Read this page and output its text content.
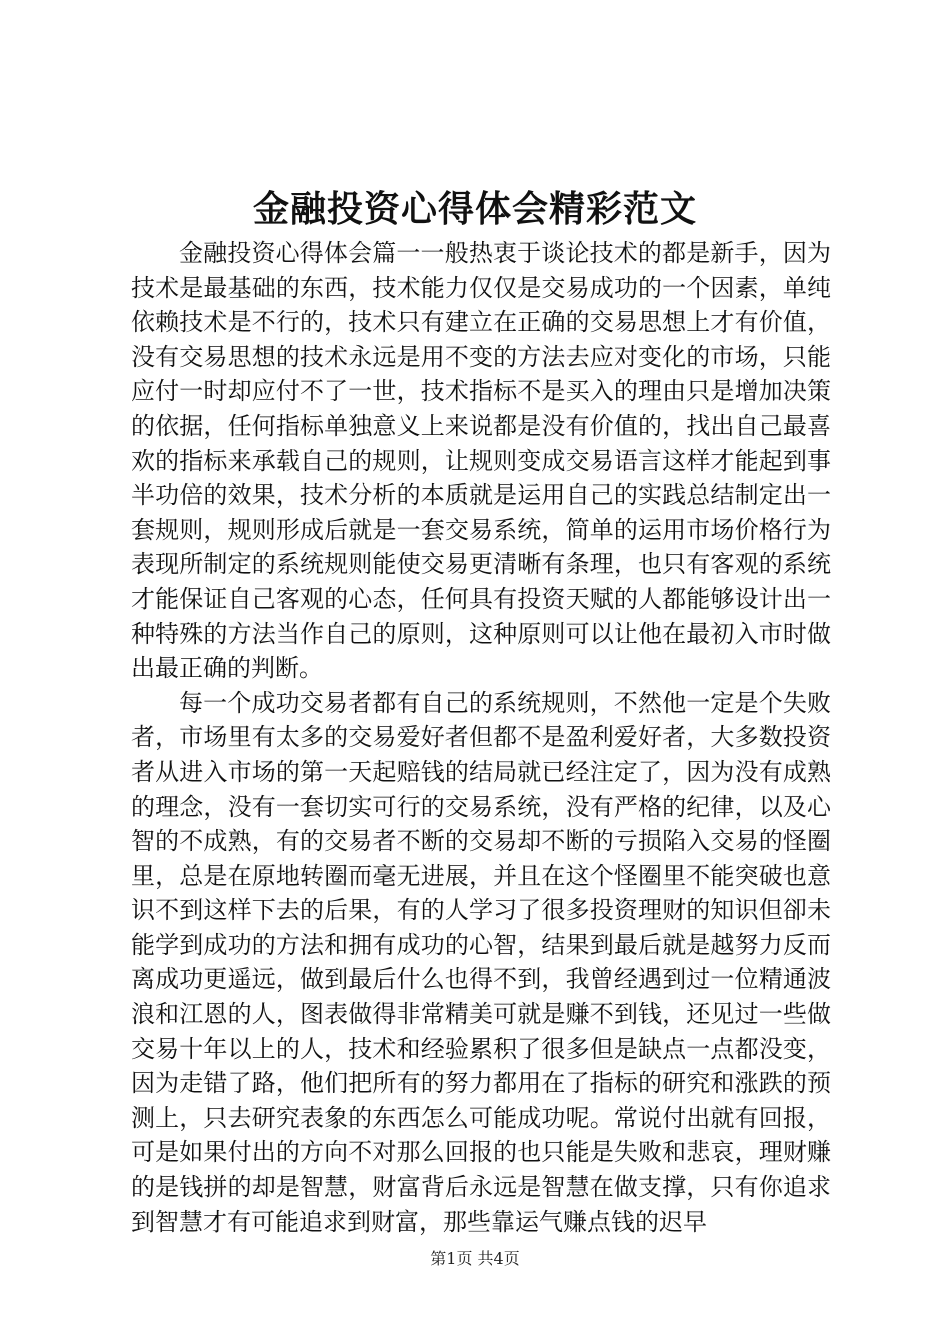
金融投资心得体会精彩范文

金融投资心得体会篇一一般热衷于谈论技术的都是新手，因为技术是最基础的东西，技术能力仅仅是交易成功的一个因素，单纯依赖技术是不行的，技术只有建立在正确的交易思想上才有价值，没有交易思想的技术永远是用不变的方法去应对变化的市场，只能应付一时却应付不了一世，技术指标不是买入的理由只是增加决策的依据，任何指标单独意义上来说都是没有价值的，找出自己最喜欢的指标来承载自己的规则，让规则变成交易语言这样才能起到事半功倍的效果，技术分析的本质就是运用自己的实践总结制定出一套规则，规则形成后就是一套交易系统，简单的运用市场价格行为表现所制定的系统规则能使交易更清晰有条理，也只有客观的系统才能保证自己客观的心态，任何具有投资天赋的人都能够设计出一种特殊的方法当作自己的原则，这种原则可以让他在最初入市时做出最正确的判断。

每一个成功交易者都有自己的系统规则，不然他一定是个失败者，市场里有太多的交易爱好者但都不是盈利爱好者，大多数投资者从进入市场的第一天起赔钱的结局就已经注定了，因为没有成熟的理念，没有一套切实可行的交易系统，没有严格的纪律，以及心智的不成熟，有的交易者不断的交易却不断的亏损陷入交易的怪圈里，总是在原地转圈而毫无进展，并且在这个怪圈里不能突破也意识不到这样下去的后果，有的人学习了很多投资理财的知识但卻未能学到成功的方法和拥有成功的心智，结果到最后就是越努力反而离成功更遥远，做到最后什么也得不到，我曾经遇到过一位精通波浪和江恩的人，图表做得非常精美可就是赚不到钱，还见过一些做交易十年以上的人，技术和经验累积了很多但是缺点一点都没变，因为走错了路，他们把所有的努力都用在了指标的研究和涨跌的预测上，只去研究表象的东西怎么可能成功呢。常说付出就有回报，可是如果付出的方向不对那么回报的也只能是失败和悲哀，理财赚的是钱拼的却是智慧，财富背后永远是智慧在做支撑，只有你追求到智慧才有可能追求到财富，那些靠运气赚点钱的迟早

第1页 共4页
